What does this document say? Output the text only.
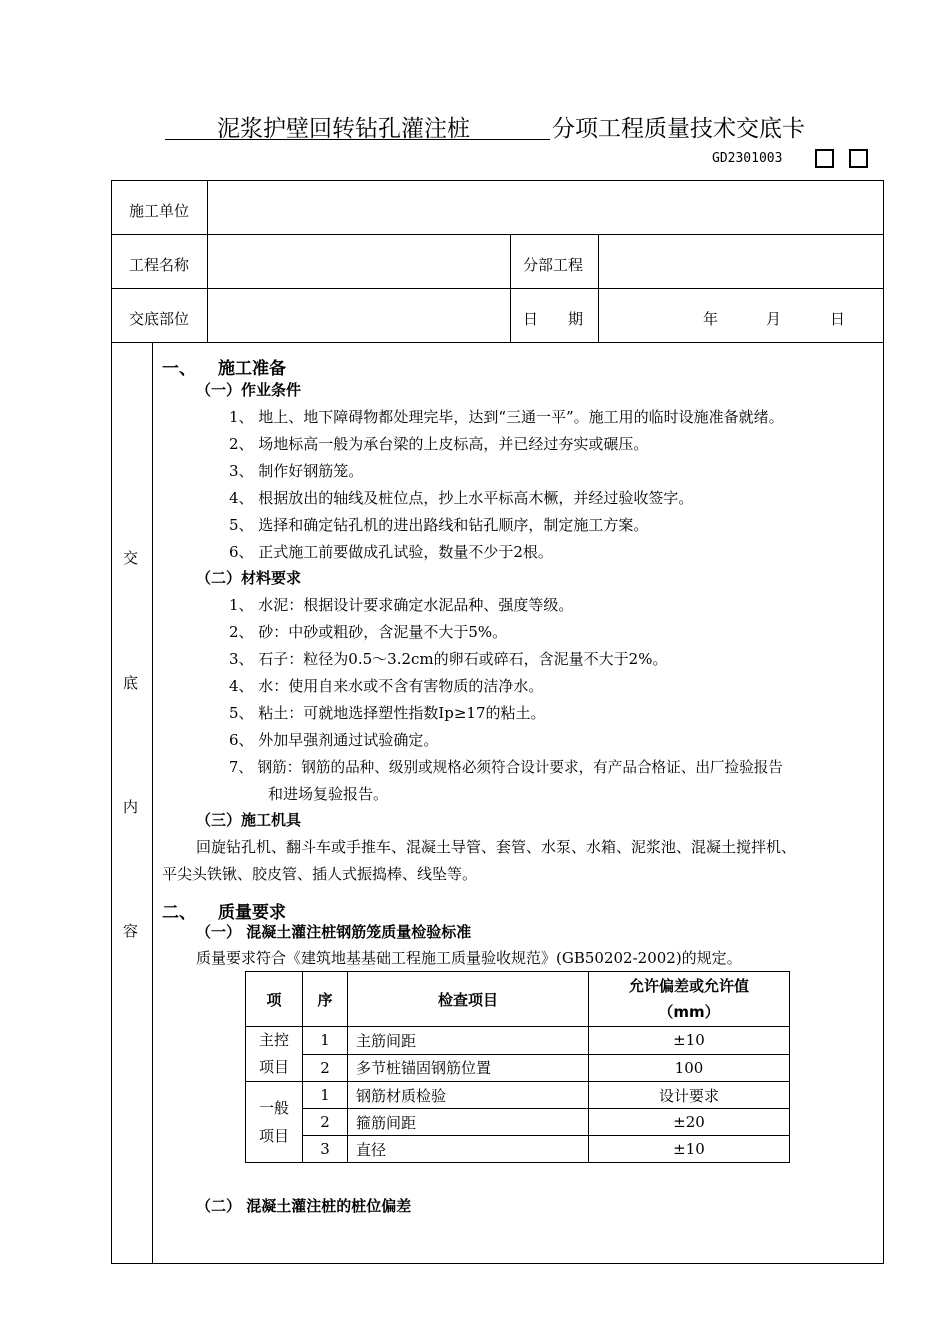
泥浆护壁回转钻孔灌注桩	分项工程质量技术交底卡
GD2301003
施工单位
工程名称	分部工程
交底部位	日　　期	年	月	日
交
底
内
容
一、 施工准备
（一）作业条件
1、 地上、地下障碍物都处理完毕，达到“三通一平”。施工用的临时设施准备就绪。
2、 场地标高一般为承台梁的上皮标高，并已经过夯实或碾压。
3、 制作好钢筋笼。
4、 根据放出的轴线及桩位点，抄上水平标高木橛，并经过验收签字。
5、 选择和确定钻孔机的进出路线和钻孔顺序，制定施工方案。
6、 正式施工前要做成孔试验，数量不少于2根。
（二）材料要求
1、 水泥：根据设计要求确定水泥品种、强度等级。
2、 砂：中砂或粗砂，含泥量不大于5%。
3、 石子：粒径为0.5～3.2cm的卵石或碎石，含泥量不大于2%。
4、 水：使用自来水或不含有害物质的洁净水。
5、 粘土：可就地选择塑性指数Ip≥17的粘土。
6、 外加早强剂通过试验确定。
7、 钢筋：钢筋的品种、级别或规格必须符合设计要求，有产品合格证、出厂捡验报告
和进场复验报告。
（三）施工机具
回旋钻孔机、翻斗车或手推车、混凝土导管、套管、水泵、水箱、泥浆池、混凝土搅拌机、
平尖头铁锹、胶皮管、插人式振捣棒、线坠等。
二、 质量要求
（一） 混凝土灌注桩钢筋笼质量检验标准
质量要求符合《建筑地基基础工程施工质量验收规范》(GB50202-2002)的规定。
项	序	检查项目	允许偏差或允许值
（mm）

主控
项目	1	主筋间距	±10
	2	多节桩锚固钢筋位置	100

一般
项目	1	钢筋材质检验	设计要求
	2	箍筋间距	±20
	3	直径	±10
（二） 混凝土灌注桩的桩位偏差
